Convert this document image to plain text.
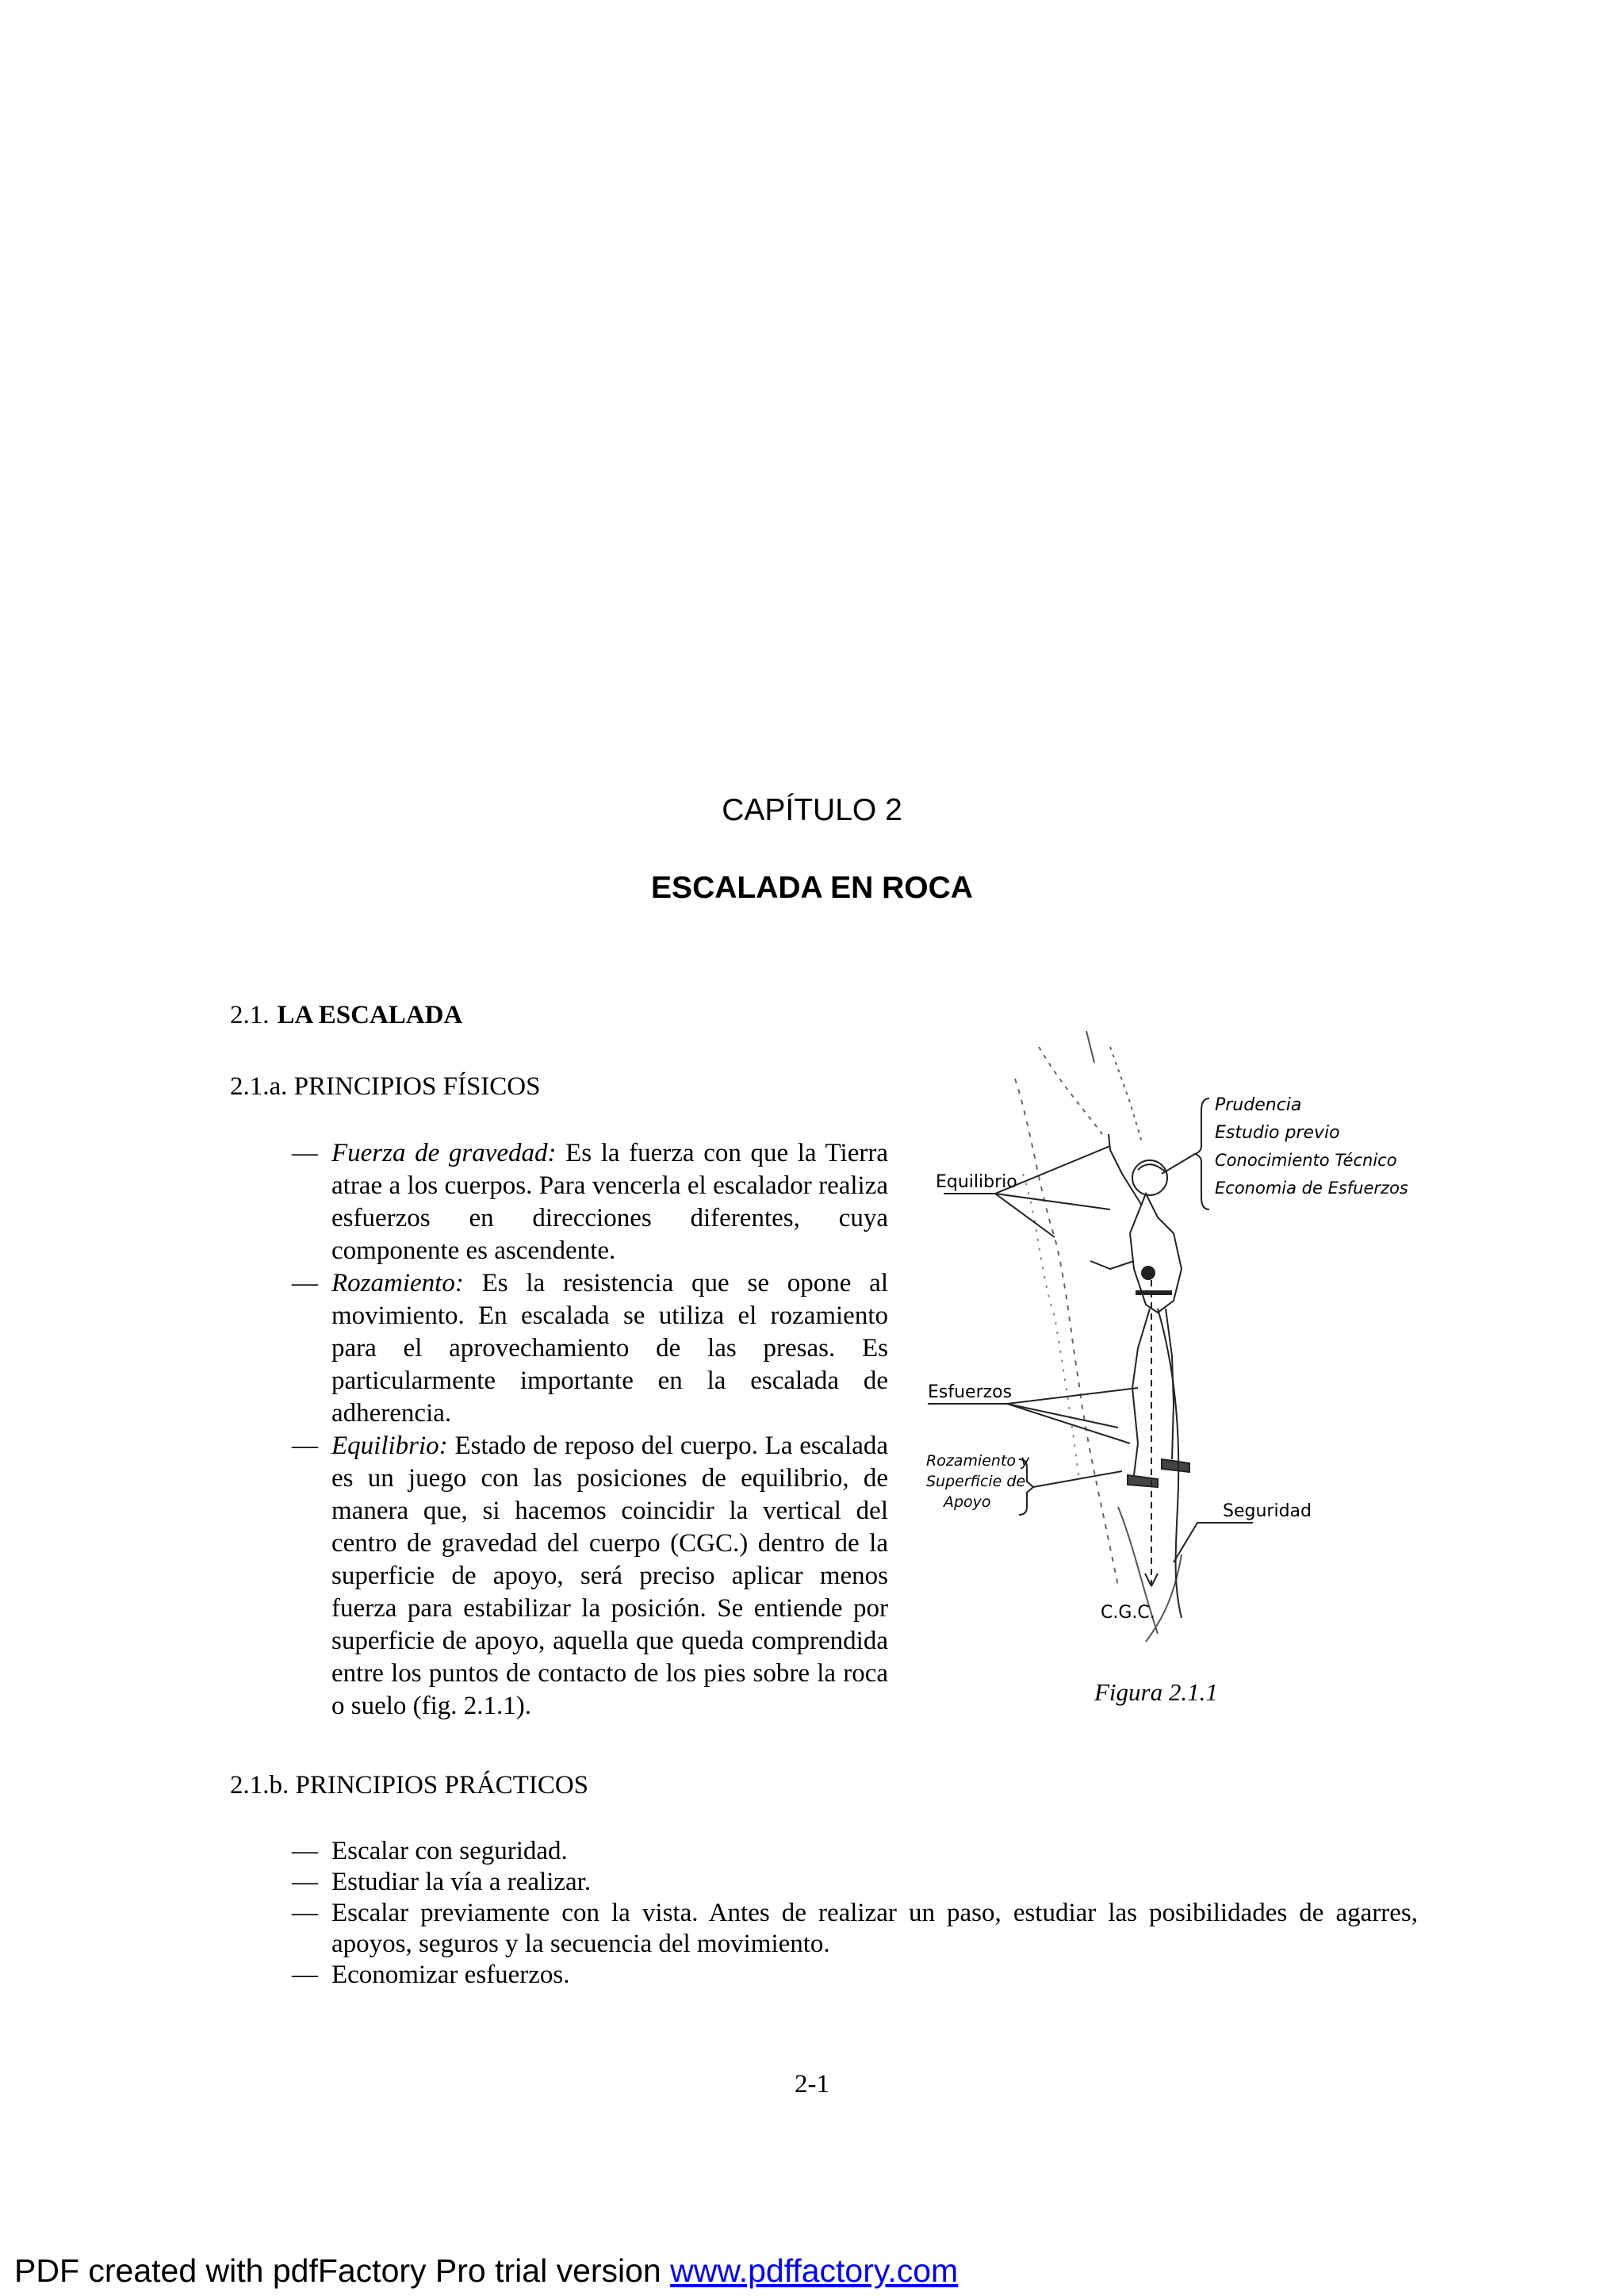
CAPÍTULO 2
ESCALADA EN ROCA
2.1. LA ESCALADA
2.1.a. PRINCIPIOS FÍSICOS
— Fuerza de gravedad: Es la fuerza con que la Tierra atrae a los cuerpos. Para vencerla el escalador realiza esfuerzos en direcciones diferentes, cuya componente es ascendente.
— Rozamiento: Es la resistencia que se opone al movimiento. En escalada se utiliza el rozamiento para el aprovechamiento de las presas. Es particularmente importante en la escalada de adherencia.
— Equilibrio: Estado de reposo del cuerpo. La escalada es un juego con las posiciones de equilibrio, de manera que, si hacemos coincidir la vertical del centro de gravedad del cuerpo (CGC.) dentro de la superficie de apoyo, será preciso aplicar menos fuerza para estabilizar la posición. Se entiende por superficie de apoyo, aquella que queda comprendida entre los puntos de contacto de los pies sobre la roca o suelo (fig. 2.1.1).
Equilibrio
Prudencia
Estudio previo
Conocimiento Técnico
Economia de Esfuerzos
Esfuerzos
Rozamiento y
Superficie de
Apoyo	Seguridad
C.G.C.
Figura 2.1.1
2.1.b. PRINCIPIOS PRÁCTICOS
— Escalar con seguridad.
— Estudiar la vía a realizar.
— Escalar previamente con la vista. Antes de realizar un paso, estudiar las posibilidades de agarres, apoyos, seguros y la secuencia del movimiento.
— Economizar esfuerzos.
2-1
PDF created with pdfFactory Pro trial version www.pdffactory.com
